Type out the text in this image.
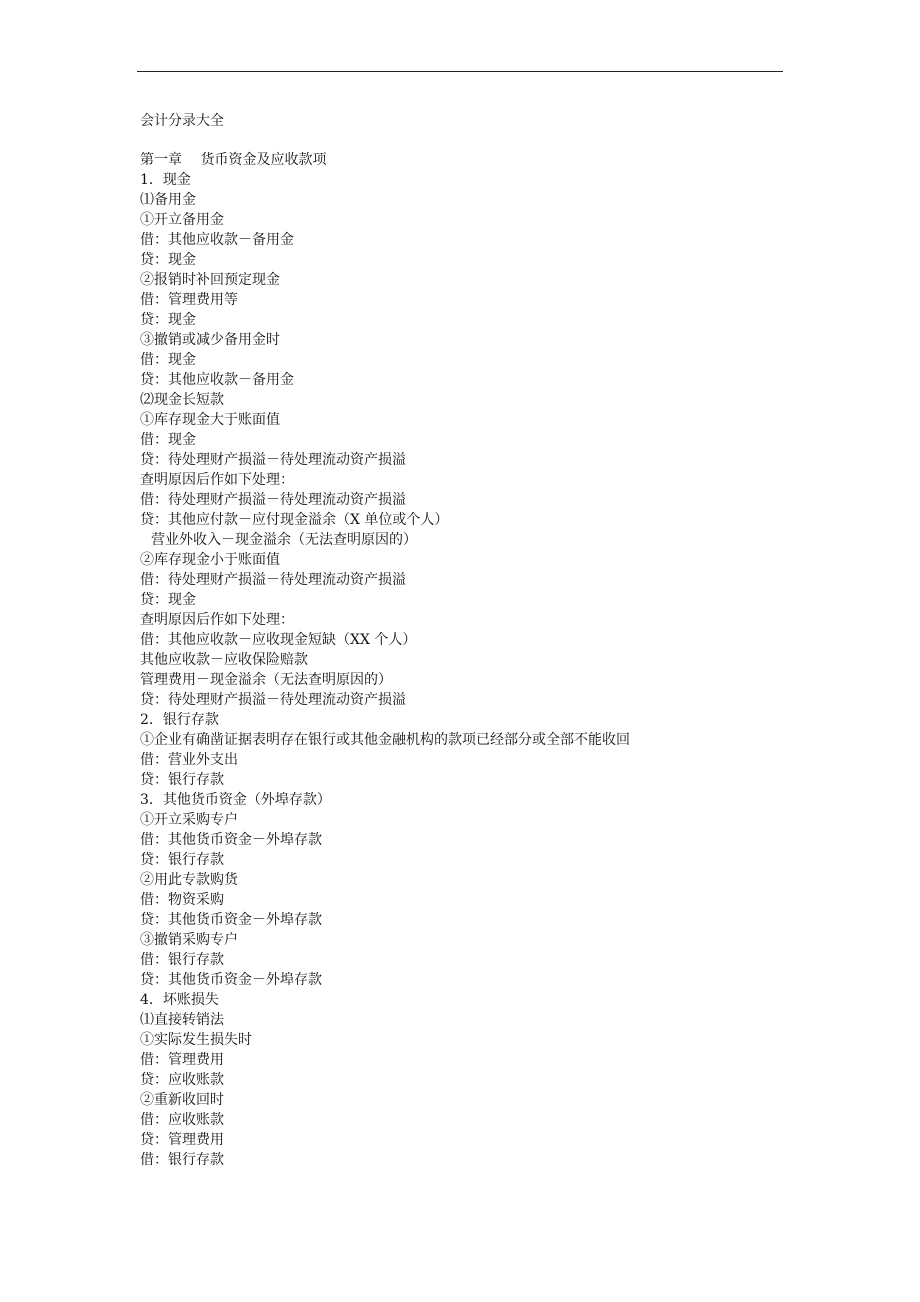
会计分录大全

第一章　 货币资金及应收款项

1．现金

⑴备用金

①开立备用金

借：其他应收款－备用金

贷：现金

②报销时补回预定现金

借：管理费用等

贷：现金

③撤销或减少备用金时

借：现金

贷：其他应收款－备用金

⑵现金长短款

①库存现金大于账面值

借：现金

贷：待处理财产损溢－待处理流动资产损溢

查明原因后作如下处理：

借：待处理财产损溢－待处理流动资产损溢

贷：其他应付款－应付现金溢余（X 单位或个人）

营业外收入－现金溢余（无法查明原因的）

②库存现金小于账面值

借：待处理财产损溢－待处理流动资产损溢

贷：现金

查明原因后作如下处理：

借：其他应收款－应收现金短缺（XX 个人）

其他应收款－应收保险赔款

管理费用－现金溢余（无法查明原因的）

贷：待处理财产损溢－待处理流动资产损溢

2．银行存款

①企业有确凿证据表明存在银行或其他金融机构的款项已经部分或全部不能收回

借：营业外支出

贷：银行存款

3．其他货币资金（外埠存款）

①开立采购专户

借：其他货币资金－外埠存款

贷：银行存款

②用此专款购货

借：物资采购

贷：其他货币资金－外埠存款

③撤销采购专户

借：银行存款

贷：其他货币资金－外埠存款

4．坏账损失

⑴直接转销法

①实际发生损失时

借：管理费用

贷：应收账款

②重新收回时

借：应收账款

贷：管理费用

借：银行存款
